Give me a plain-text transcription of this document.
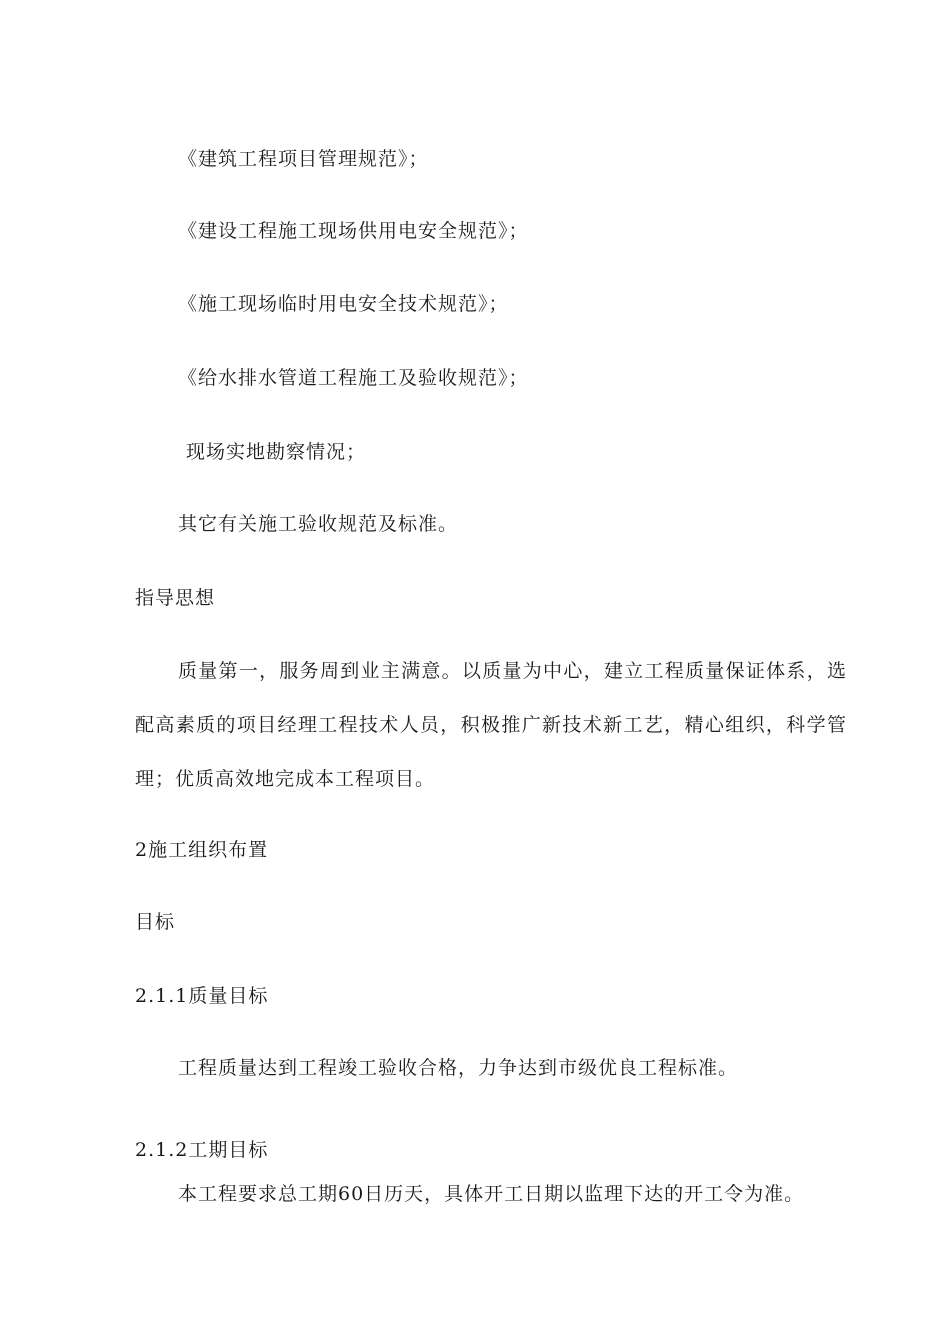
《建筑工程项目管理规范》；
《建设工程施工现场供用电安全规范》；
《施工现场临时用电安全技术规范》；
《给水排水管道工程施工及验收规范》；
现场实地勘察情况；
其它有关施工验收规范及标准。
指导思想

质量第一，服务周到业主满意。以质量为中心，建立工程质量保证体系，选配高素质的项目经理工程技术人员，积极推广新技术新工艺，精心组织，科学管理；优质高效地完成本工程项目。

2施工组织布置
目标
2.1.1质量目标
工程质量达到工程竣工验收合格，力争达到市级优良工程标准。
2.1.2工期目标
本工程要求总工期60日历天，具体开工日期以监理下达的开工令为准。
